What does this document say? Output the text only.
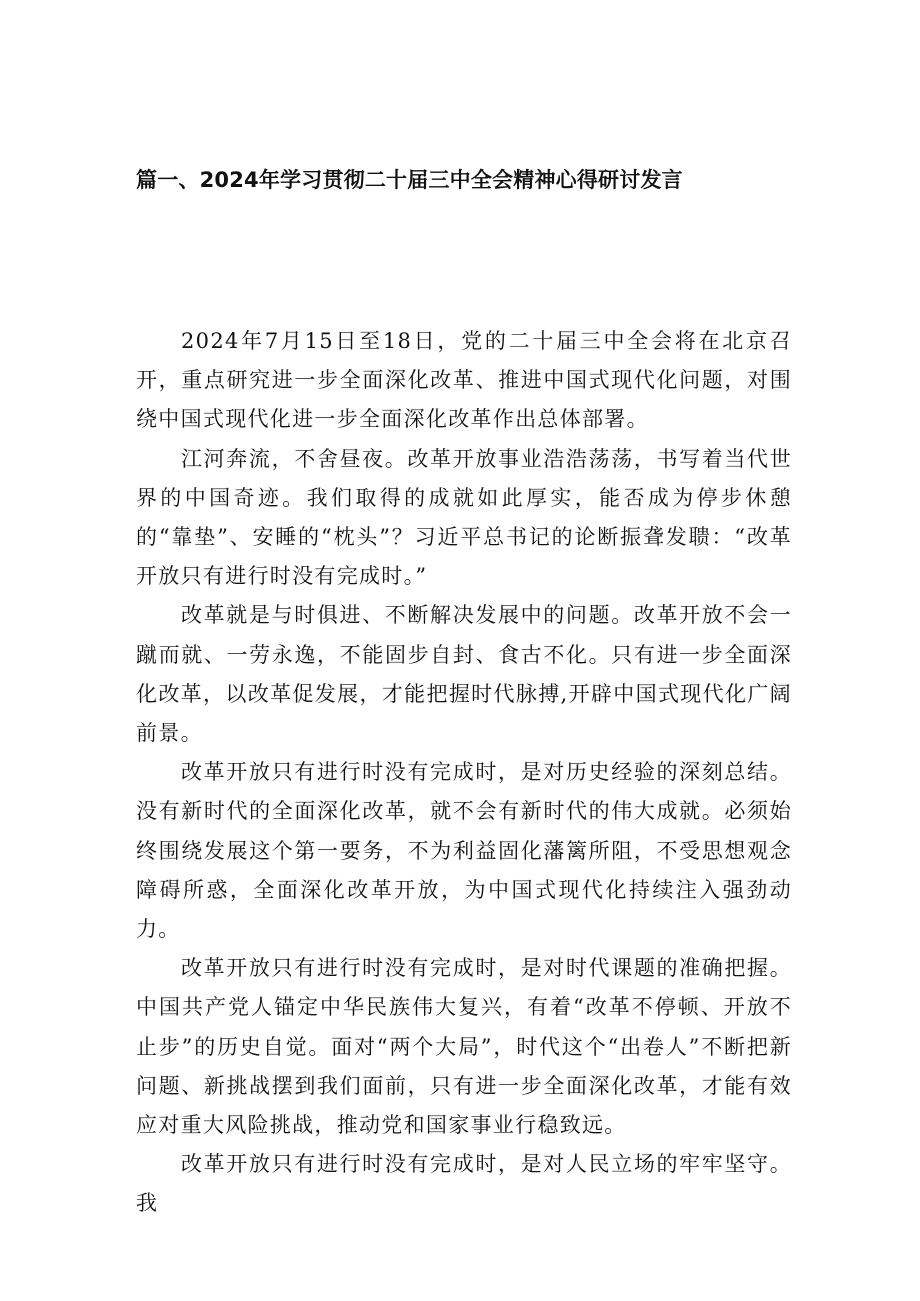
篇一、2024年学习贯彻二十届三中全会精神心得研讨发言

2024年7月15日至18日，党的二十届三中全会将在北京召开，重点研究进一步全面深化改革、推进中国式现代化问题，对围绕中国式现代化进一步全面深化改革作出总体部署。

江河奔流，不舍昼夜。改革开放事业浩浩荡荡，书写着当代世界的中国奇迹。我们取得的成就如此厚实，能否成为停步休憩的“靠垫”、安睡的“枕头”？习近平总书记的论断振聋发聩：“改革开放只有进行时没有完成时。”

改革就是与时俱进、不断解决发展中的问题。改革开放不会一蹴而就、一劳永逸，不能固步自封、食古不化。只有进一步全面深化改革，以改革促发展，才能把握时代脉搏,开辟中国式现代化广阔前景。

改革开放只有进行时没有完成时，是对历史经验的深刻总结。没有新时代的全面深化改革，就不会有新时代的伟大成就。必须始终围绕发展这个第一要务，不为利益固化藩篱所阻，不受思想观念障碍所惑，全面深化改革开放，为中国式现代化持续注入强劲动力。

改革开放只有进行时没有完成时，是对时代课题的准确把握。中国共产党人锚定中华民族伟大复兴，有着“改革不停顿、开放不止步”的历史自觉。面对“两个大局”，时代这个“出卷人”不断把新问题、新挑战摆到我们面前，只有进一步全面深化改革，才能有效应对重大风险挑战，推动党和国家事业行稳致远。

改革开放只有进行时没有完成时，是对人民立场的牢牢坚守。我
